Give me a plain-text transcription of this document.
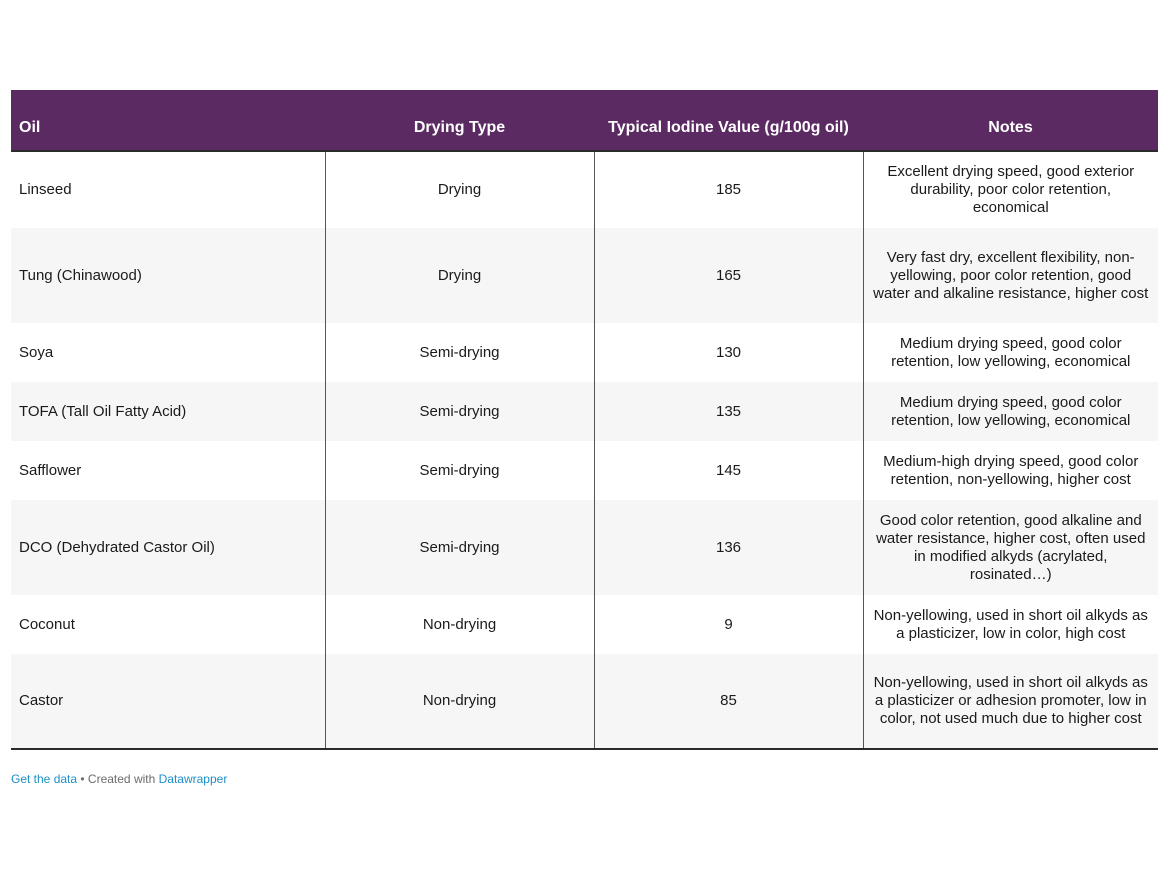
Oil	Drying Type	Typical Iodine Value (g/100g oil)	Notes
Linseed	Drying	185	Excellent drying speed, good exterior durability, poor color retention, economical
Tung (Chinawood)	Drying	165	Very fast dry, excellent flexibility, non-yellowing, poor color retention, good water and alkaline resistance, higher cost
Soya	Semi-drying	130	Medium drying speed, good color retention, low yellowing, economical
TOFA (Tall Oil Fatty Acid)	Semi-drying	135	Medium drying speed, good color retention, low yellowing, economical
Safflower	Semi-drying	145	Medium-high drying speed, good color retention, non-yellowing, higher cost
DCO (Dehydrated Castor Oil)	Semi-drying	136	Good color retention, good alkaline and water resistance, higher cost, often used in modified alkyds (acrylated, rosinated…)
Coconut	Non-drying	9	Non-yellowing, used in short oil alkyds as a plasticizer, low in color, high cost
Castor	Non-drying	85	Non-yellowing, used in short oil alkyds as a plasticizer or adhesion promoter, low in color, not used much due to higher cost
Get the data • Created with Datawrapper
